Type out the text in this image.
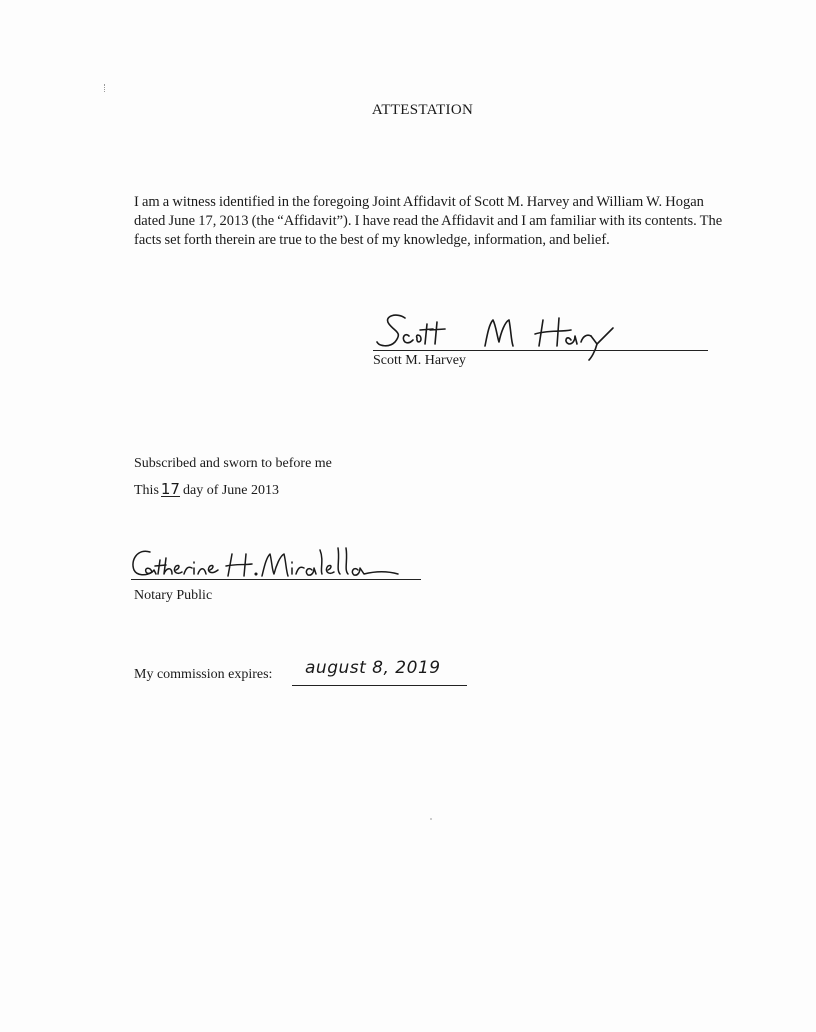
ATTESTATION
I am a witness identified in the foregoing Joint Affidavit of Scott M. Harvey and William W. Hogan dated June 17, 2013 (the “Affidavit”). I have read the Affidavit and I am familiar with its contents. The facts set forth therein are true to the best of my knowledge, information, and belief.
Scott M. Harvey
Subscribed and sworn to before me
This 17 day of June 2013
Notary Public
My commission expires: august 8, 2019
